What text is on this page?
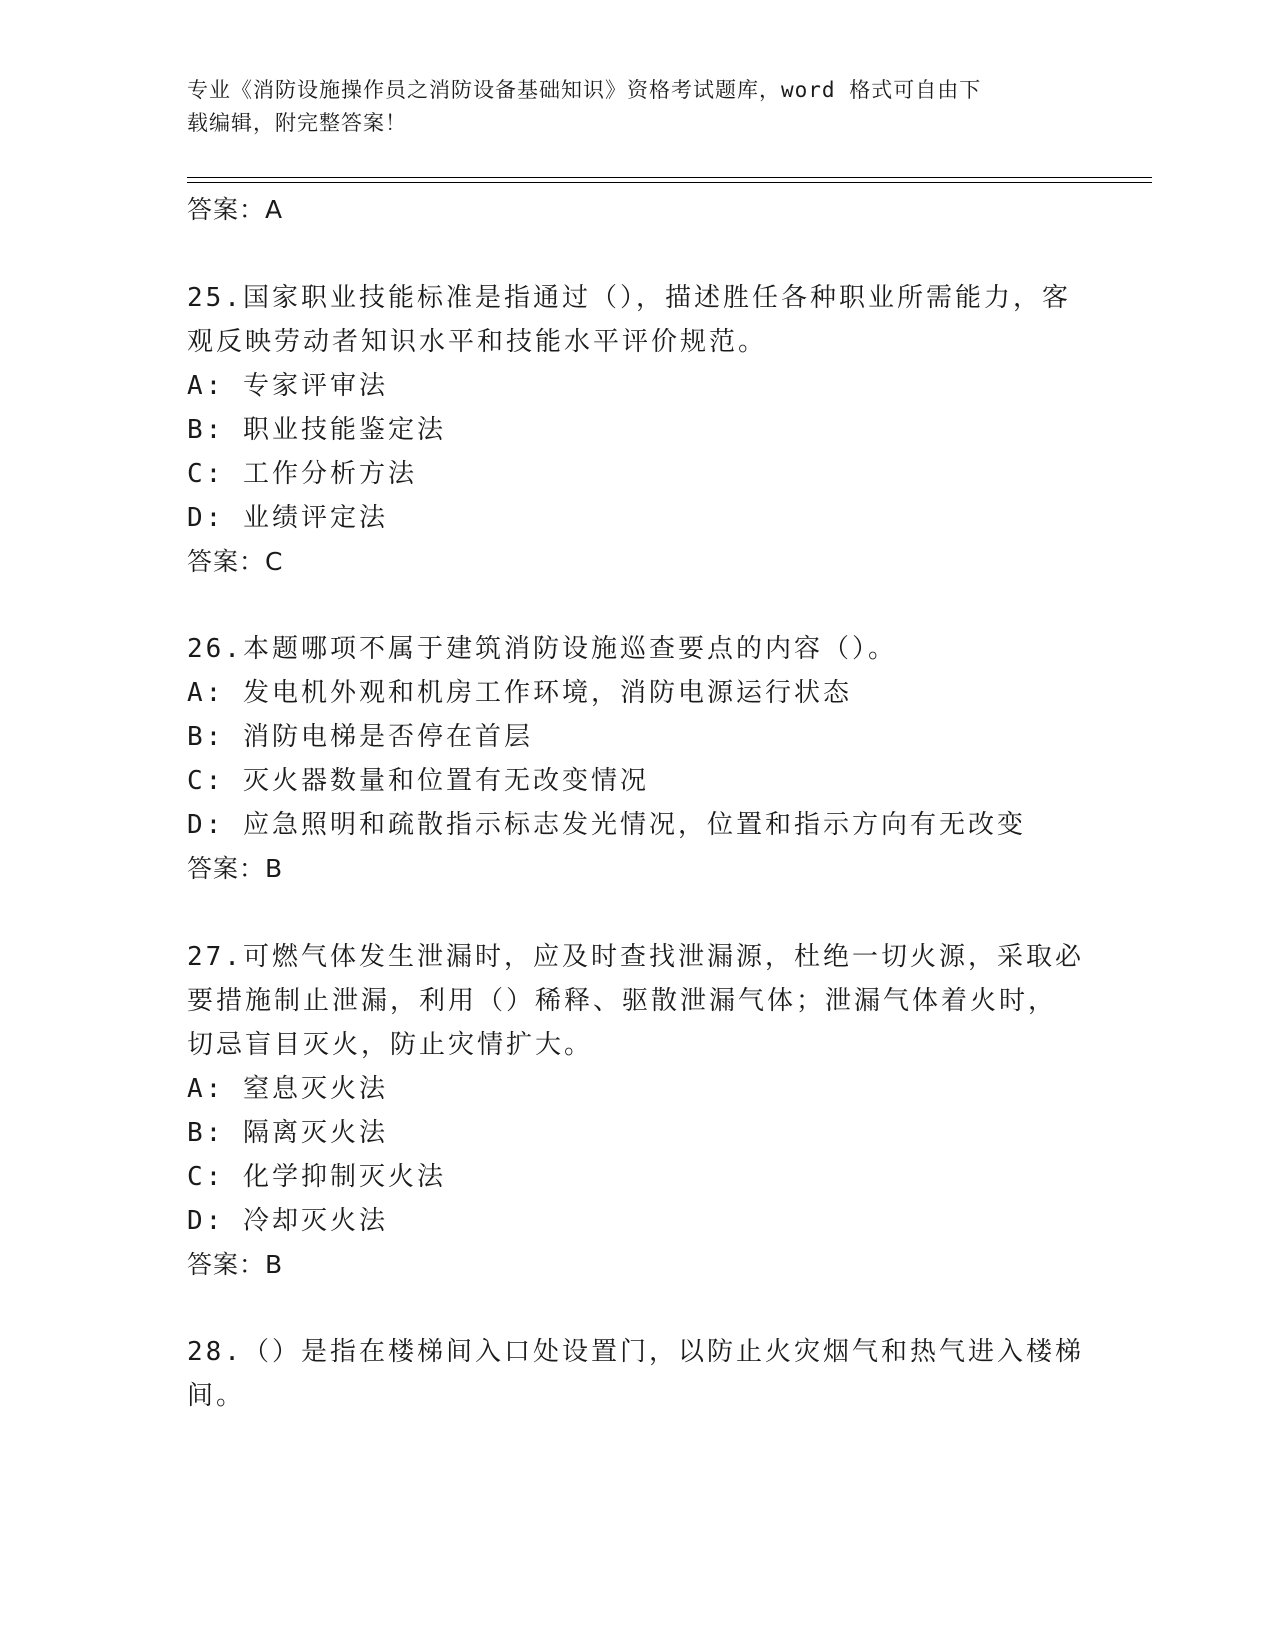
专业《消防设施操作员之消防设备基础知识》资格考试题库，word 格式可自由下
载编辑，附完整答案！
答案：A
25.国家职业技能标准是指通过（），描述胜任各种职业所需能力，客
观反映劳动者知识水平和技能水平评价规范。
A: 专家评审法
B: 职业技能鉴定法
C: 工作分析方法
D: 业绩评定法
答案：C
26.本题哪项不属于建筑消防设施巡查要点的内容（）。
A: 发电机外观和机房工作环境，消防电源运行状态
B: 消防电梯是否停在首层
C: 灭火器数量和位置有无改变情况
D: 应急照明和疏散指示标志发光情况，位置和指示方向有无改变
答案：B
27.可燃气体发生泄漏时，应及时查找泄漏源，杜绝一切火源，采取必
要措施制止泄漏，利用（）稀释、驱散泄漏气体；泄漏气体着火时，
切忌盲目灭火，防止灾情扩大。
A: 窒息灭火法
B: 隔离灭火法
C: 化学抑制灭火法
D: 冷却灭火法
答案：B
28.（）是指在楼梯间入口处设置门，以防止火灾烟气和热气进入楼梯
间。
